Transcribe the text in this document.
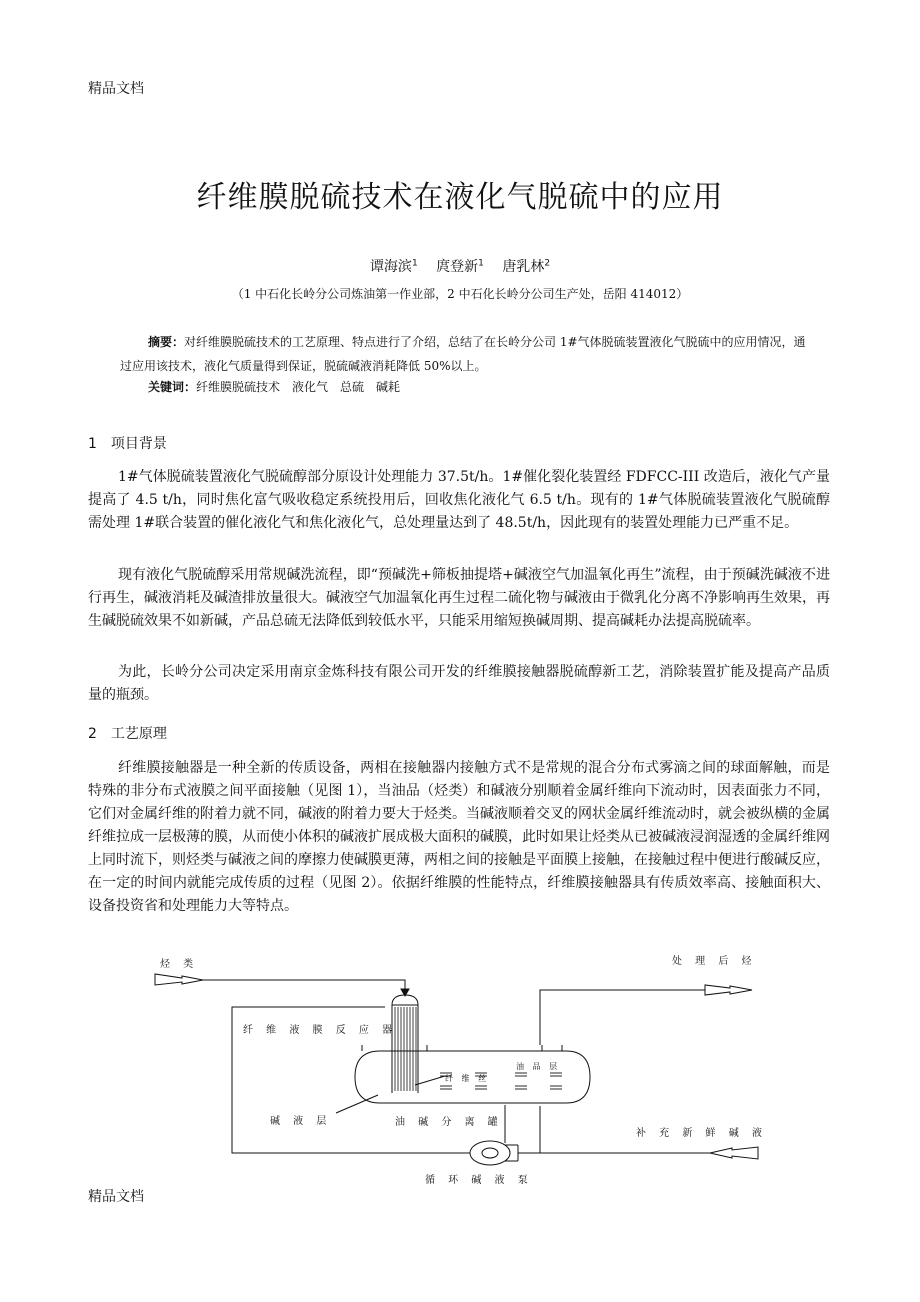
精品文档
纤维膜脱硫技术在液化气脱硫中的应用
谭海滨$^1$　 庹登新$^1$　 唐乳林$^2$
（1 中石化长岭分公司炼油第一作业部，2 中石化长岭分公司生产处，岳阳 414012）
摘要：对纤维膜脱硫技术的工艺原理、特点进行了介绍，总结了在长岭分公司 1#气体脱硫装置液化气脱硫中的应用情况，通过应用该技术，液化气质量得到保证，脱硫碱液消耗降低 50%以上。
关键词：纤维膜脱硫技术　液化气　总硫　碱耗
1　项目背景
1#气体脱硫装置液化气脱硫醇部分原设计处理能力 37.5t/h。1#催化裂化装置经 FDFCC-III 改造后，液化气产量提高了 4.5 t/h，同时焦化富气吸收稳定系统投用后，回收焦化液化气 6.5 t/h。现有的 1#气体脱硫装置液化气脱硫醇需处理 1#联合装置的催化液化气和焦化液化气，总处理量达到了 48.5t/h，因此现有的装置处理能力已严重不足。
现有液化气脱硫醇采用常规碱洗流程，即“预碱洗+筛板抽提塔+碱液空气加温氧化再生”流程，由于预碱洗碱液不进行再生，碱液消耗及碱渣排放量很大。碱液空气加温氧化再生过程二硫化物与碱液由于微乳化分离不净影响再生效果，再生碱脱硫效果不如新碱，产品总硫无法降低到较低水平，只能采用缩短换碱周期、提高碱耗办法提高脱硫率。
为此，长岭分公司决定采用南京金炼科技有限公司开发的纤维膜接触器脱硫醇新工艺，消除装置扩能及提高产品质量的瓶颈。
2　工艺原理
纤维膜接触器是一种全新的传质设备，两相在接触器内接触方式不是常规的混合分布式雾滴之间的球面解触，而是特殊的非分布式液膜之间平面接触（见图 1），当油品（烃类）和碱液分别顺着金属纤维向下流动时，因表面张力不同，它们对金属纤维的附着力就不同，碱液的附着力要大于烃类。当碱液顺着交叉的网状金属纤维流动时，就会被纵横的金属纤维拉成一层极薄的膜，从而使小体积的碱液扩展成极大面积的碱膜，此时如果让烃类从已被碱液浸润湿透的金属纤维网上同时流下，则烃类与碱液之间的摩擦力使碱膜更薄，两相之间的接触是平面膜上接触，在接触过程中便进行酸碱反应，在一定的时间内就能完成传质的过程（见图 2）。依据纤维膜的性能特点，纤维膜接触器具有传质效率高、接触面积大、设备投资省和处理能力大等特点。
烃 类	处 理 后 烃
纤 维 液 膜 反 应 器
纤 维 丝
油 品 层
碱 液 层	油 碱 分 离 罐
补 充 新 鲜 碱 液
循 环 碱 液 泵
精品文档
